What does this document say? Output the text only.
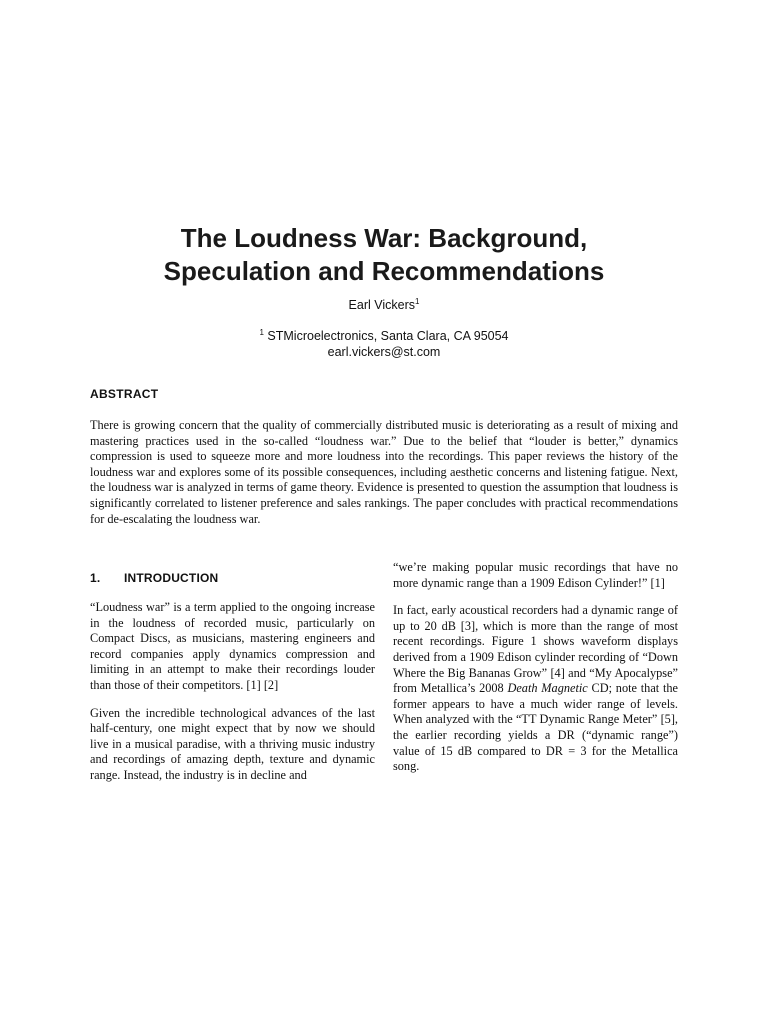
The Loudness War: Background,
Speculation and Recommendations
Earl Vickers$^1$
$^1$ STMicroelectronics, Santa Clara, CA 95054
earl.vickers@st.com
ABSTRACT
There is growing concern that the quality of commercially distributed music is deteriorating as a result of mixing and mastering practices used in the so-called “loudness war.” Due to the belief that “louder is better,” dynamics compression is used to squeeze more and more loudness into the recordings. This paper reviews the history of the loudness war and explores some of its possible consequences, including aesthetic concerns and listening fatigue. Next, the loudness war is analyzed in terms of game theory. Evidence is presented to question the assumption that loudness is significantly correlated to listener preference and sales rankings. The paper concludes with practical recommendations for de-escalating the loudness war.
1. INTRODUCTION

“Loudness war” is a term applied to the ongoing increase in the loudness of recorded music, particularly on Compact Discs, as musicians, mastering engineers and record companies apply dynamics compression and limiting in an attempt to make their recordings louder than those of their competitors. [1] [2]

Given the incredible technological advances of the last half-century, one might expect that by now we should live in a musical paradise, with a thriving music industry and recordings of amazing depth, texture and dynamic range. Instead, the industry is in decline and

“we’re making popular music recordings that have no more dynamic range than a 1909 Edison Cylinder!” [1]

In fact, early acoustical recorders had a dynamic range of up to 20 dB [3], which is more than the range of most recent recordings. Figure 1 shows waveform displays derived from a 1909 Edison cylinder recording of “Down Where the Big Bananas Grow” [4] and “My Apocalypse” from Metallica’s 2008 Death Magnetic CD; note that the former appears to have a much wider range of levels. When analyzed with the “TT Dynamic Range Meter” [5], the earlier recording yields a DR (“dynamic range”) value of 15 dB compared to DR = 3 for the Metallica song.
